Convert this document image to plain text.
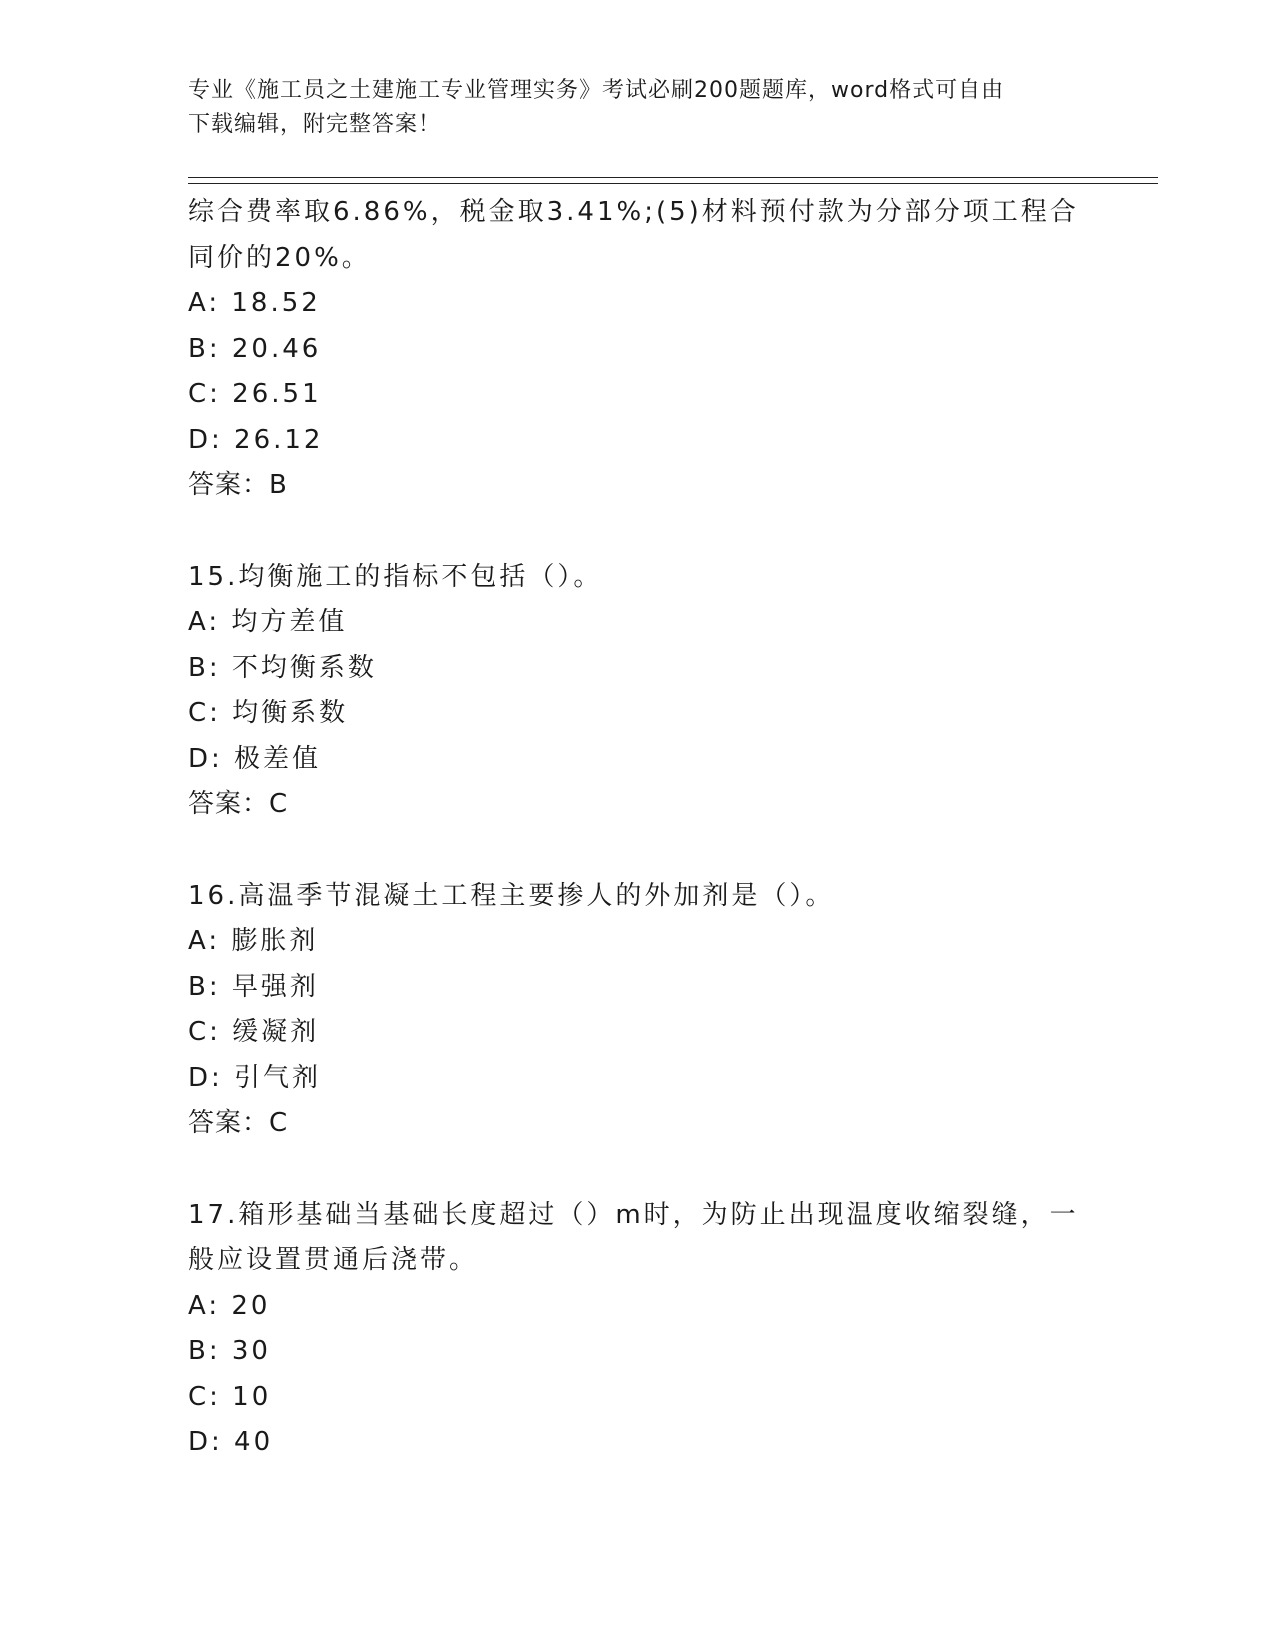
专业《施工员之土建施工专业管理实务》考试必刷200题题库，word格式可自由
下载编辑，附完整答案！
综合费率取6.86%，税金取3.41%;(5)材料预付款为分部分项工程合
同价的20%。
A: 18.52
B: 20.46
C: 26.51
D: 26.12
答案：B
15.均衡施工的指标不包括（）。
A: 均方差值
B: 不均衡系数
C: 均衡系数
D: 极差值
答案：C
16.高温季节混凝土工程主要掺人的外加剂是（）。
A: 膨胀剂
B: 早强剂
C: 缓凝剂
D: 引气剂
答案：C
17.箱形基础当基础长度超过（）m时，为防止出现温度收缩裂缝，一
般应设置贯通后浇带。
A: 20
B: 30
C: 10
D: 40
